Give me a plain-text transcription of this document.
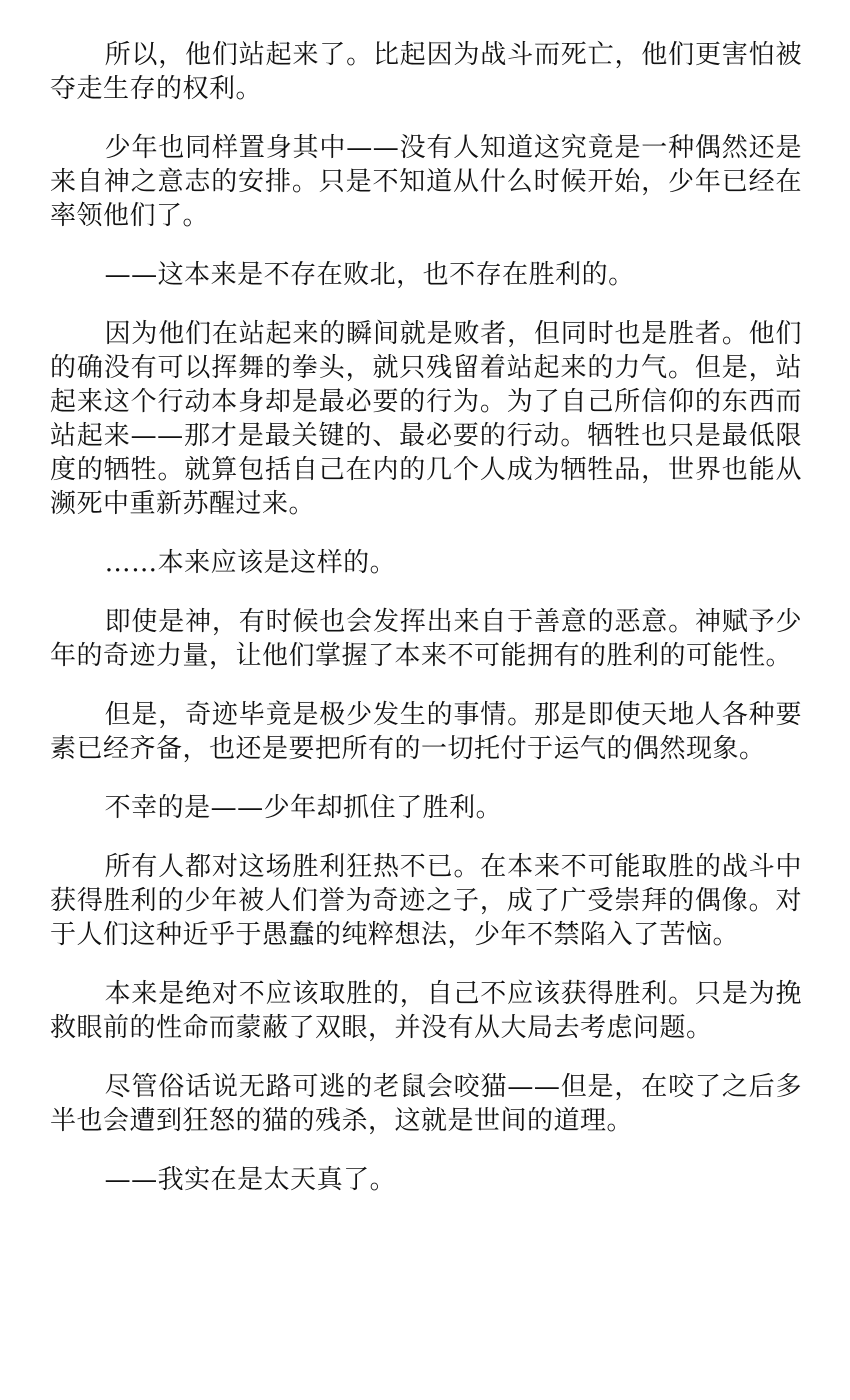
所以，他们站起来了。比起因为战斗而死亡，他们更害怕被夺走生存的权利。

少年也同样置身其中——没有人知道这究竟是一种偶然还是来自神之意志的安排。只是不知道从什么时候开始，少年已经在率领他们了。

——这本来是不存在败北，也不存在胜利的。

因为他们在站起来的瞬间就是败者，但同时也是胜者。他们的确没有可以挥舞的拳头，就只残留着站起来的力气。但是，站起来这个行动本身却是最必要的行为。为了自己所信仰的东西而站起来——那才是最关键的、最必要的行动。牺牲也只是最低限度的牺牲。就算包括自己在内的几个人成为牺牲品，世界也能从濒死中重新苏醒过来。

……本来应该是这样的。

即使是神，有时候也会发挥出来自于善意的恶意。神赋予少年的奇迹力量，让他们掌握了本来不可能拥有的胜利的可能性。

但是，奇迹毕竟是极少发生的事情。那是即使天地人各种要素已经齐备，也还是要把所有的一切托付于运气的偶然现象。

不幸的是——少年却抓住了胜利。

所有人都对这场胜利狂热不已。在本来不可能取胜的战斗中获得胜利的少年被人们誉为奇迹之子，成了广受崇拜的偶像。对于人们这种近乎于愚蠢的纯粹想法，少年不禁陷入了苦恼。

本来是绝对不应该取胜的，自己不应该获得胜利。只是为挽救眼前的性命而蒙蔽了双眼，并没有从大局去考虑问题。

尽管俗话说无路可逃的老鼠会咬猫——但是，在咬了之后多半也会遭到狂怒的猫的残杀，这就是世间的道理。

——我实在是太天真了。
